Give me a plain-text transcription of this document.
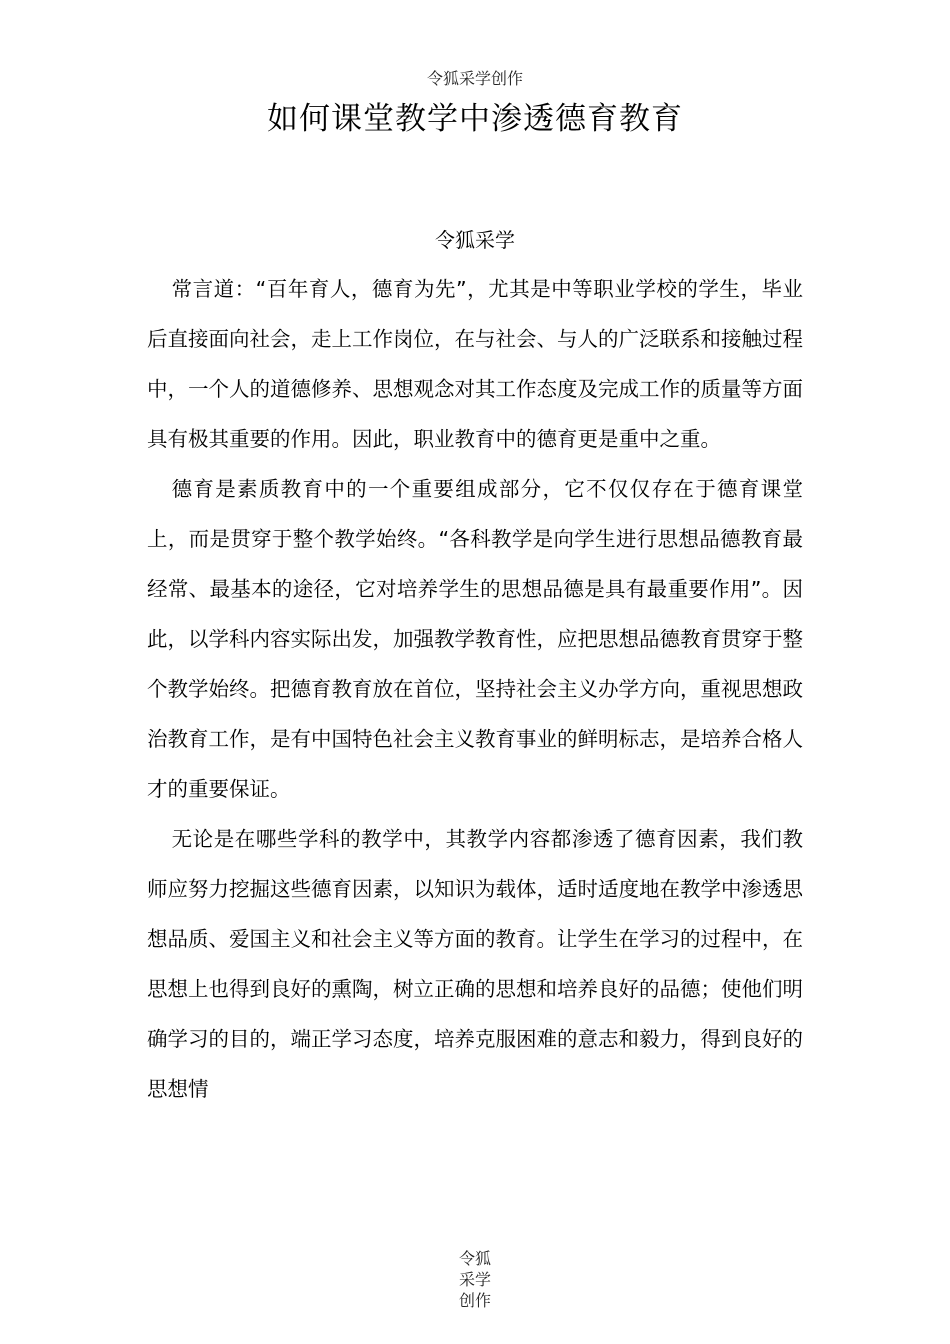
令狐采学创作
如何课堂教学中渗透德育教育
令狐采学

常言道：“百年育人，德育为先”，尤其是中等职业学校的学生，毕业后直接面向社会，走上工作岗位，在与社会、与人的广泛联系和接触过程中，一个人的道德修养、思想观念对其工作态度及完成工作的质量等方面具有极其重要的作用。因此，职业教育中的德育更是重中之重。

德育是素质教育中的一个重要组成部分，它不仅仅存在于德育课堂上，而是贯穿于整个教学始终。“各科教学是向学生进行思想品德教育最经常、最基本的途径，它对培养学生的思想品德是具有最重要作用”。因此，以学科内容实际出发，加强教学教育性，应把思想品德教育贯穿于整个教学始终。把德育教育放在首位，坚持社会主义办学方向，重视思想政治教育工作，是有中国特色社会主义教育事业的鲜明标志，是培养合格人才的重要保证。

无论是在哪些学科的教学中，其教学内容都渗透了德育因素，我们教师应努力挖掘这些德育因素，以知识为载体，适时适度地在教学中渗透思想品质、爱国主义和社会主义等方面的教育。让学生在学习的过程中，在思想上也得到良好的熏陶，树立正确的思想和培养良好的品德；使他们明确学习的目的，端正学习态度，培养克服困难的意志和毅力，得到良好的思想情

令狐
采学
创作
